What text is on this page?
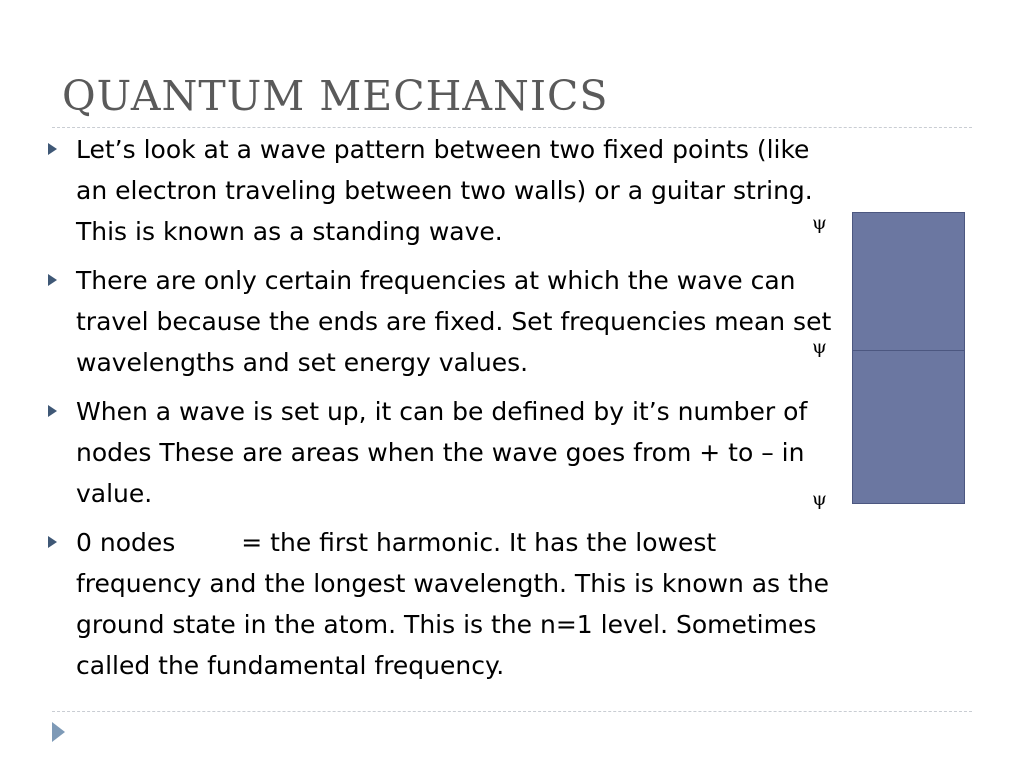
QUANTUM MECHANICS
Let’s look at a wave pattern between two fixed points (like an electron traveling between two walls) or a guitar string. This is known as a standing wave.
There are only certain frequencies at which the wave can travel because the ends are fixed. Set frequencies mean set wavelengths and set energy values.
When a wave is set up, it can be defined by it’s number of nodes These are areas when the wave goes from + to – in value.
0 nodes	= the first harmonic. It has the lowest frequency and the longest wavelength. This is known as the ground state in the atom. This is the n=1 level. Sometimes called the fundamental frequency.
ψ
ψ
ψ
